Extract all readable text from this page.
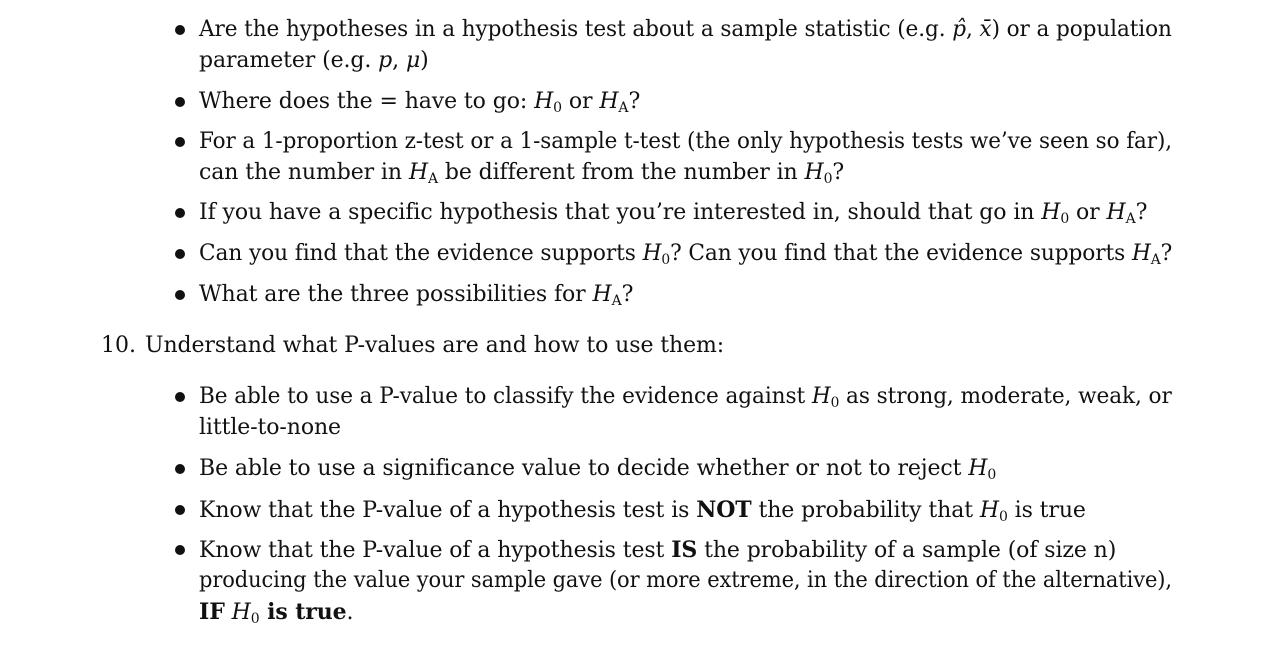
Are the hypotheses in a hypothesis test about a sample statistic (e.g. p̂, x̄) or a population
parameter (e.g. p, μ)
Where does the = have to go: $H_0$ or $H_A$?
For a 1-proportion z-test or a 1-sample t-test (the only hypothesis tests we’ve seen so far),
can the number in $H_A$ be different from the number in $H_0$?
If you have a specific hypothesis that you’re interested in, should that go in $H_0$ or $H_A$?
Can you find that the evidence supports $H_0$? Can you find that the evidence supports $H_A$?
What are the three possibilities for $H_A$?
10. Understand what P-values are and how to use them:
Be able to use a P-value to classify the evidence against $H_0$ as strong, moderate, weak, or
little-to-none
Be able to use a significance value to decide whether or not to reject $H_0$
Know that the P-value of a hypothesis test is NOT the probability that $H_0$ is true
Know that the P-value of a hypothesis test IS the probability of a sample (of size n)
producing the value your sample gave (or more extreme, in the direction of the alternative),
IF $H_0$ is true.
